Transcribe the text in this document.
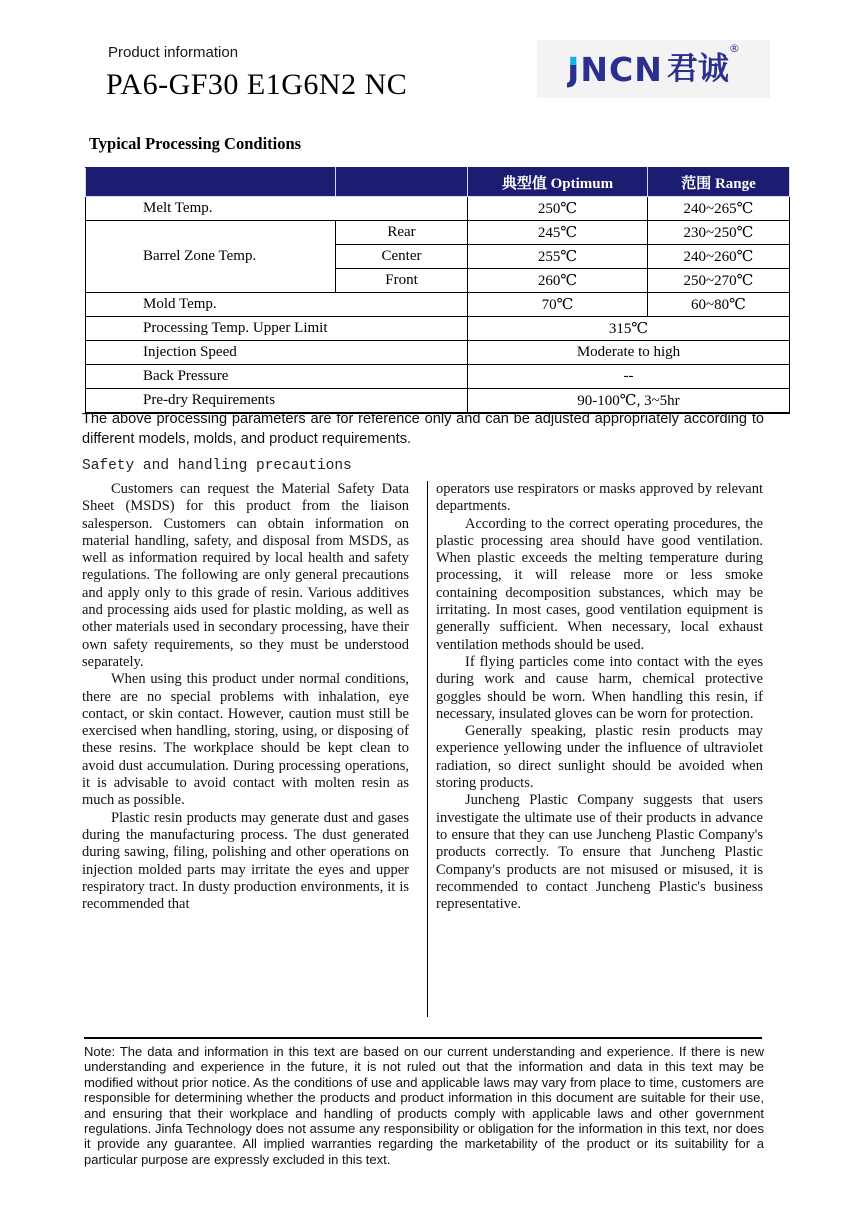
Product information
PA6-GF30 E1G6N2 NC	JNCN 君诚
®
Typical Processing Conditions
		典型值 Optimum	范围 Range
Melt Temp.		250℃	240~265℃
Barrel Zone Temp.	Rear	245℃	230~250℃
	Center	255℃	240~260℃
	Front	260℃	250~270℃
Mold Temp.		70℃	60~80℃
Processing Temp. Upper Limit		315℃	
Injection Speed		Moderate to high	
Back Pressure		--	
Pre-dry Requirements		90-100℃, 3~5hr	
The above processing parameters are for reference only and can be adjusted appropriately according to different models, molds, and product requirements.
Safety and handling precautions

Customers can request the Material Safety Data Sheet (MSDS) for this product from the liaison salesperson. Customers can obtain information on material handling, safety, and disposal from MSDS, as well as information required by local health and safety regulations. The following are only general precautions and apply only to this grade of resin. Various additives and processing aids used for plastic molding, as well as other materials used in secondary processing, have their own safety requirements, so they must be understood separately.

When using this product under normal conditions, there are no special problems with inhalation, eye contact, or skin contact. However, caution must still be exercised when handling, storing, using, or disposing of these resins. The workplace should be kept clean to avoid dust accumulation. During processing operations, it is advisable to avoid contact with molten resin as much as possible.

Plastic resin products may generate dust and gases during the manufacturing process. The dust generated during sawing, filing, polishing and other operations on injection molded parts may irritate the eyes and upper respiratory tract. In dusty production environments, it is recommended that

operators use respirators or masks approved by relevant departments.

According to the correct operating procedures, the plastic processing area should have good ventilation. When plastic exceeds the melting temperature during processing, it will release more or less smoke containing decomposition substances, which may be irritating. In most cases, good ventilation equipment is generally sufficient. When necessary, local exhaust ventilation methods should be used.

If flying particles come into contact with the eyes during work and cause harm, chemical protective goggles should be worn. When handling this resin, if necessary, insulated gloves can be worn for protection.

Generally speaking, plastic resin products may experience yellowing under the influence of ultraviolet radiation, so direct sunlight should be avoided when storing products.

Juncheng Plastic Company suggests that users investigate the ultimate use of their products in advance to ensure that they can use Juncheng Plastic Company's products correctly. To ensure that Juncheng Plastic Company's products are not misused or misused, it is recommended to contact Juncheng Plastic's business representative.

Note: The data and information in this text are based on our current understanding and experience. If there is new understanding and experience in the future, it is not ruled out that the information and data in this text may be modified without prior notice. As the conditions of use and applicable laws may vary from place to time, customers are responsible for determining whether the products and product information in this document are suitable for their use, and ensuring that their workplace and handling of products comply with applicable laws and other government regulations. Jinfa Technology does not assume any responsibility or obligation for the information in this text, nor does it provide any guarantee. All implied warranties regarding the marketability of the product or its suitability for a particular purpose are expressly excluded in this text.
